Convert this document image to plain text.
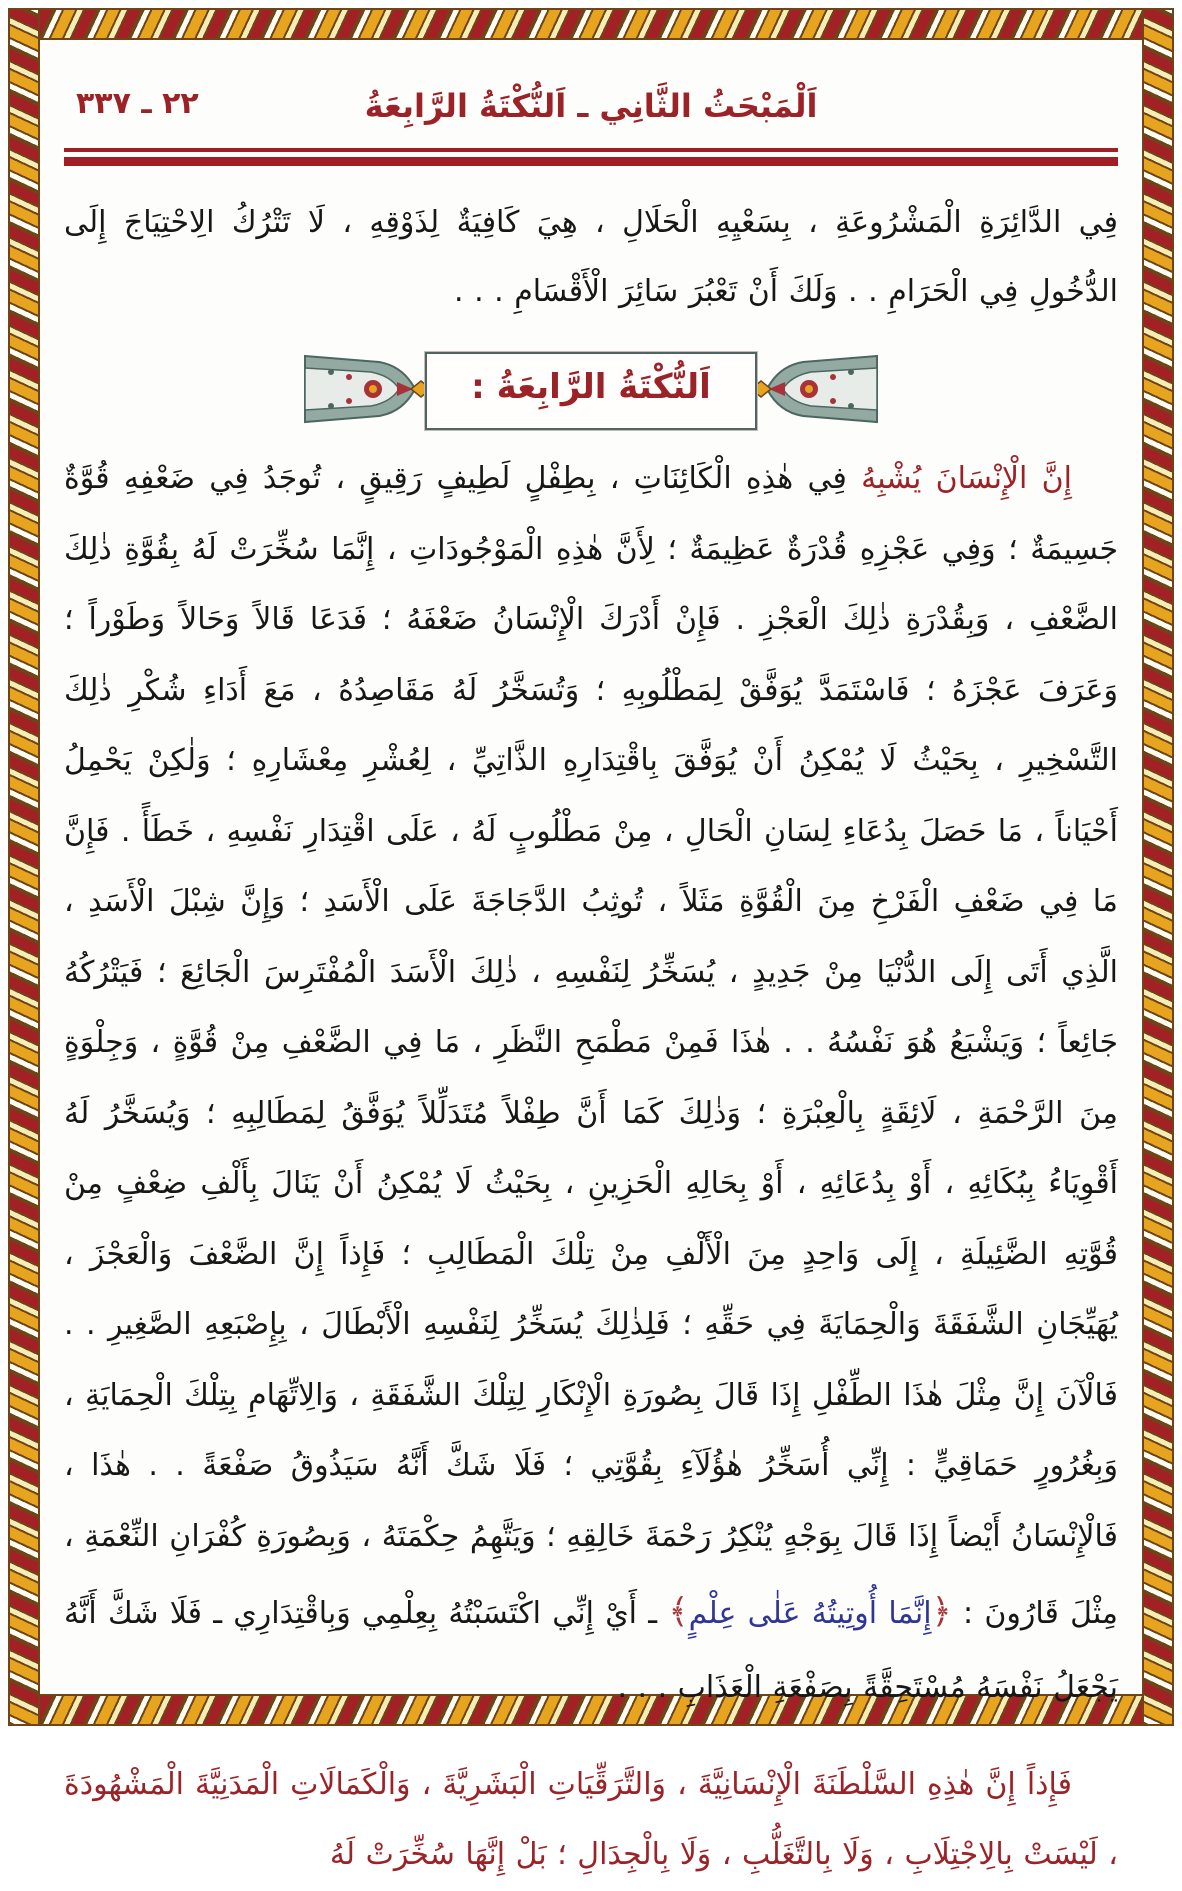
اَلْمَبْحَثُ الثَّانِي ـ اَلنُّكْتَةُ الرَّابِعَةُ
٢٢ ـ ٣٣٧

فِي الدَّائِرَةِ الْمَشْرُوعَةِ ، بِسَعْيِهِ الْحَلَالِ ، هِيَ كَافِيَةٌ لِذَوْقِهِ ، لَا تَتْرُكُ الِاحْتِيَاجَ إِلَى الدُّخُولِ فِي الْحَرَامِ . . وَلَكَ أَنْ تَعْبُرَ سَائِرَ الْأَقْسَامِ . . .

اَلنُّكْتَةُ الرَّابِعَةُ :

إِنَّ الْإِنْسَانَ يُشْبِهُ فِي هٰذِهِ الْكَائِنَاتِ ، بِطِفْلٍ لَطِيفٍ رَقِيقٍ ، تُوجَدُ فِي ضَعْفِهِ قُوَّةٌ جَسِيمَةٌ ؛ وَفِي عَجْزِهِ قُدْرَةٌ عَظِيمَةٌ ؛ لِأَنَّ هٰذِهِ الْمَوْجُودَاتِ ، إِنَّمَا سُخِّرَتْ لَهُ بِقُوَّةِ ذٰلِكَ الضَّعْفِ ، وَبِقُدْرَةِ ذٰلِكَ الْعَجْزِ . فَإِنْ أَدْرَكَ الْإِنْسَانُ ضَعْفَهُ ؛ فَدَعَا قَالاً وَحَالاً وَطَوْراً ؛ وَعَرَفَ عَجْزَهُ ؛ فَاسْتَمَدَّ يُوَفَّقْ لِمَطْلُوبِهِ ؛ وَتُسَخَّرُ لَهُ مَقَاصِدُهُ ، مَعَ أَدَاءِ شُكْرِ ذٰلِكَ التَّسْخِيرِ ، بِحَيْثُ لَا يُمْكِنُ أَنْ يُوَفَّقَ بِاقْتِدَارِهِ الذَّاتِيِّ ، لِعُشْرِ مِعْشَارِهِ ؛ وَلٰكِنْ يَحْمِلُ أَحْيَاناً ، مَا حَصَلَ بِدُعَاءِ لِسَانِ الْحَالِ ، مِنْ مَطْلُوبٍ لَهُ ، عَلَى اقْتِدَارِ نَفْسِهِ ، خَطَأً . فَإِنَّ مَا فِي ضَعْفِ الْفَرْخِ مِنَ الْقُوَّةِ مَثَلاً ، تُوثِبُ الدَّجَاجَةَ عَلَى الْأَسَدِ ؛ وَإِنَّ شِبْلَ الْأَسَدِ ، الَّذِي أَتَى إِلَى الدُّنْيَا مِنْ جَدِيدٍ ، يُسَخِّرُ لِنَفْسِهِ ، ذٰلِكَ الْأَسَدَ الْمُفْتَرِسَ الْجَائِعَ ؛ فَيَتْرُكُهُ جَائِعاً ؛ وَيَشْبَعُ هُوَ نَفْسُهُ . . هٰذَا فَمِنْ مَطْمَحِ النَّظَرِ ، مَا فِي الضَّعْفِ مِنْ قُوَّةٍ ، وَجِلْوَةٍ مِنَ الرَّحْمَةِ ، لَائِقَةٍ بِالْعِبْرَةِ ؛ وَذٰلِكَ كَمَا أَنَّ طِفْلاً مُتَدَلِّلاً يُوَفَّقُ لِمَطَالِبِهِ ؛ وَيُسَخَّرُ لَهُ أَقْوِيَاءُ بِبُكَائِهِ ، أَوْ بِدُعَائِهِ ، أَوْ بِحَالِهِ الْحَزِينِ ، بِحَيْثُ لَا يُمْكِنُ أَنْ يَنَالَ بِأَلْفِ ضِعْفٍ مِنْ قُوَّتِهِ الضَّئِيلَةِ ، إِلَى وَاحِدٍ مِنَ الْأَلْفِ مِنْ تِلْكَ الْمَطَالِبِ ؛ فَإِذاً إِنَّ الضَّعْفَ وَالْعَجْزَ ، يُهَيِّجَانِ الشَّفَقَةَ وَالْحِمَايَةَ فِي حَقِّهِ ؛ فَلِذٰلِكَ يُسَخِّرُ لِنَفْسِهِ الْأَبْطَالَ ، بِإِصْبَعِهِ الصَّغِيرِ . . فَالْآنَ إِنَّ مِثْلَ هٰذَا الطِّفْلِ إِذَا قَالَ بِصُورَةِ الْإِنْكَارِ لِتِلْكَ الشَّفَقَةِ ، وَالِاتِّهَامِ بِتِلْكَ الْحِمَايَةِ ، وَبِغُرُورٍ حَمَاقِيٍّ : إِنِّي أُسَخِّرُ هٰؤُلَآءِ بِقُوَّتِي ؛ فَلَا شَكَّ أَنَّهُ سَيَذُوقُ صَفْعَةً . . هٰذَا ، فَالْإِنْسَانُ أَيْضاً إِذَا قَالَ بِوَجْهٍ يُنْكِرُ رَحْمَةَ خَالِقِهِ ؛ وَيَتَّهِمُ حِكْمَتَهُ ، وَبِصُورَةِ كُفْرَانِ النِّعْمَةِ ، مِثْلَ قَارُونَ : ﴿إِنَّمَا أُوتِيتُهُ عَلٰى عِلْمٍ﴾ ـ أَيْ إِنِّي اكْتَسَبْتُهُ بِعِلْمِي وَبِاقْتِدَارِي ـ فَلَا شَكَّ أَنَّهُ يَجْعَلُ نَفْسَهُ مُسْتَحِقَّةً بِصَفْعَةِ الْعَذَابِ . . .

فَإِذاً إِنَّ هٰذِهِ السَّلْطَنَةَ الْإِنْسَانِيَّةَ ، وَالتَّرَقِّيَاتِ الْبَشَرِيَّةَ ، وَالْكَمَالَاتِ الْمَدَنِيَّةَ الْمَشْهُودَةَ ، لَيْسَتْ بِالِاجْتِلَابِ ، وَلَا بِالتَّغَلُّبِ ، وَلَا بِالْجِدَالِ ؛ بَلْ إِنَّهَا سُخِّرَتْ لَهُ
